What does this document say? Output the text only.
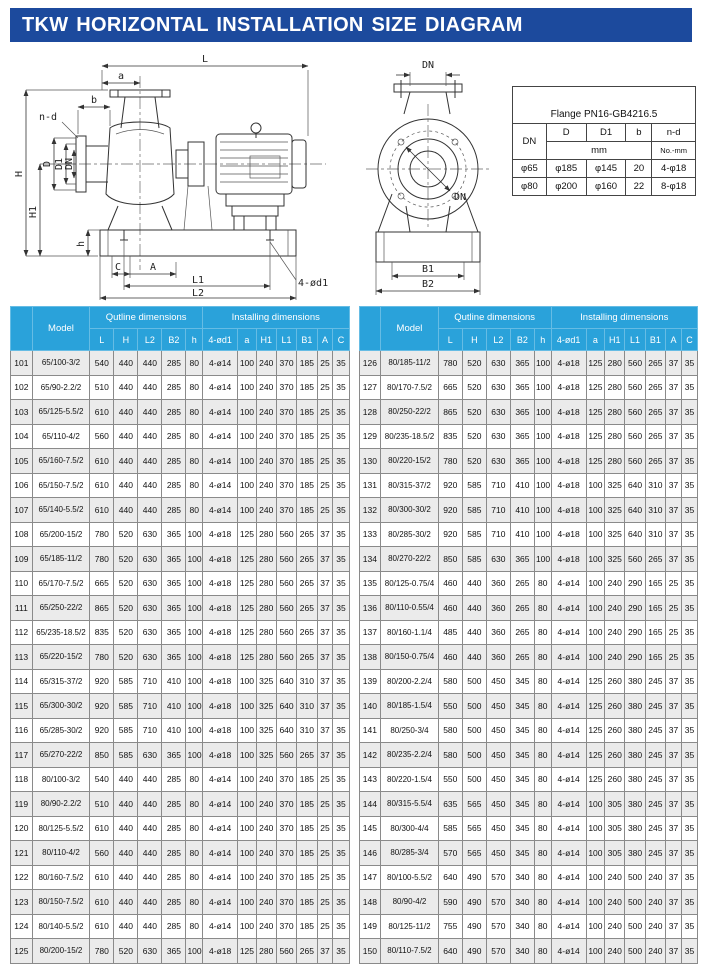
TKW HORIZONTAL INSTALLATION SIZE DIAGRAM
L
a
b
n-d
D D1 DN
H
H1
h
C	A
L1
L2
4-ød1
DN
DN
B1
B2
Flange PN16-GB4216.5				
DN	D	D1	b	n-d
	mm			No.-mm
φ65	φ185	φ145	20	4-φ18
φ80	φ200	φ160	22	8-φ18
	Model	Qutline dimensions					Installing dimensions						
		L	H	L2	B2	h	4-ød1	a	H1	L1	B1	A	C
101	65/100-3/2	540	440	440	285	80	4-ø14	100	240	370	185	25	35
102	65/90-2.2/2	510	440	440	285	80	4-ø14	100	240	370	185	25	35
103	65/125-5.5/2	610	440	440	285	80	4-ø14	100	240	370	185	25	35
104	65/110-4/2	560	440	440	285	80	4-ø14	100	240	370	185	25	35
105	65/160-7.5/2	610	440	440	285	80	4-ø14	100	240	370	185	25	35
106	65/150-7.5/2	610	440	440	285	80	4-ø14	100	240	370	185	25	35
107	65/140-5.5/2	610	440	440	285	80	4-ø14	100	240	370	185	25	35
108	65/200-15/2	780	520	630	365	100	4-ø18	125	280	560	265	37	35
109	65/185-11/2	780	520	630	365	100	4-ø18	125	280	560	265	37	35
110	65/170-7.5/2	665	520	630	365	100	4-ø18	125	280	560	265	37	35
111	65/250-22/2	865	520	630	365	100	4-ø18	125	280	560	265	37	35
112	65/235-18.5/2	835	520	630	365	100	4-ø18	125	280	560	265	37	35
113	65/220-15/2	780	520	630	365	100	4-ø18	125	280	560	265	37	35
114	65/315-37/2	920	585	710	410	100	4-ø18	100	325	640	310	37	35
115	65/300-30/2	920	585	710	410	100	4-ø18	100	325	640	310	37	35
116	65/285-30/2	920	585	710	410	100	4-ø18	100	325	640	310	37	35
117	65/270-22/2	850	585	630	365	100	4-ø18	100	325	560	265	37	35
118	80/100-3/2	540	440	440	285	80	4-ø14	100	240	370	185	25	35
119	80/90-2.2/2	510	440	440	285	80	4-ø14	100	240	370	185	25	35
120	80/125-5.5/2	610	440	440	285	80	4-ø14	100	240	370	185	25	35
121	80/110-4/2	560	440	440	285	80	4-ø14	100	240	370	185	25	35
122	80/160-7.5/2	610	440	440	285	80	4-ø14	100	240	370	185	25	35
123	80/150-7.5/2	610	440	440	285	80	4-ø14	100	240	370	185	25	35
124	80/140-5.5/2	610	440	440	285	80	4-ø14	100	240	370	185	25	35
125	80/200-15/2	780	520	630	365	100	4-ø18	125	280	560	265	37	35
	Model	Qutline dimensions					Installing dimensions						
		L	H	L2	B2	h	4-ød1	a	H1	L1	B1	A	C
126	80/185-11/2	780	520	630	365	100	4-ø18	125	280	560	265	37	35
127	80/170-7.5/2	665	520	630	365	100	4-ø18	125	280	560	265	37	35
128	80/250-22/2	865	520	630	365	100	4-ø18	125	280	560	265	37	35
129	80/235-18.5/2	835	520	630	365	100	4-ø18	125	280	560	265	37	35
130	80/220-15/2	780	520	630	365	100	4-ø18	125	280	560	265	37	35
131	80/315-37/2	920	585	710	410	100	4-ø18	100	325	640	310	37	35
132	80/300-30/2	920	585	710	410	100	4-ø18	100	325	640	310	37	35
133	80/285-30/2	920	585	710	410	100	4-ø18	100	325	640	310	37	35
134	80/270-22/2	850	585	630	365	100	4-ø18	100	325	560	265	37	35
135	80/125-0.75/4	460	440	360	265	80	4-ø14	100	240	290	165	25	35
136	80/110-0.55/4	460	440	360	265	80	4-ø14	100	240	290	165	25	35
137	80/160-1.1/4	485	440	360	265	80	4-ø14	100	240	290	165	25	35
138	80/150-0.75/4	460	440	360	265	80	4-ø14	100	240	290	165	25	35
139	80/200-2.2/4	580	500	450	345	80	4-ø14	125	260	380	245	37	35
140	80/185-1.5/4	550	500	450	345	80	4-ø14	125	260	380	245	37	35
141	80/250-3/4	580	500	450	345	80	4-ø14	125	260	380	245	37	35
142	80/235-2.2/4	580	500	450	345	80	4-ø14	125	260	380	245	37	35
143	80/220-1.5/4	550	500	450	345	80	4-ø14	125	260	380	245	37	35
144	80/315-5.5/4	635	565	450	345	80	4-ø14	100	305	380	245	37	35
145	80/300-4/4	585	565	450	345	80	4-ø14	100	305	380	245	37	35
146	80/285-3/4	570	565	450	345	80	4-ø14	100	305	380	245	37	35
147	80/100-5.5/2	640	490	570	340	80	4-ø14	100	240	500	240	37	35
148	80/90-4/2	590	490	570	340	80	4-ø14	100	240	500	240	37	35
149	80/125-11/2	755	490	570	340	80	4-ø14	100	240	500	240	37	35
150	80/110-7.5/2	640	490	570	340	80	4-ø14	100	240	500	240	37	35
